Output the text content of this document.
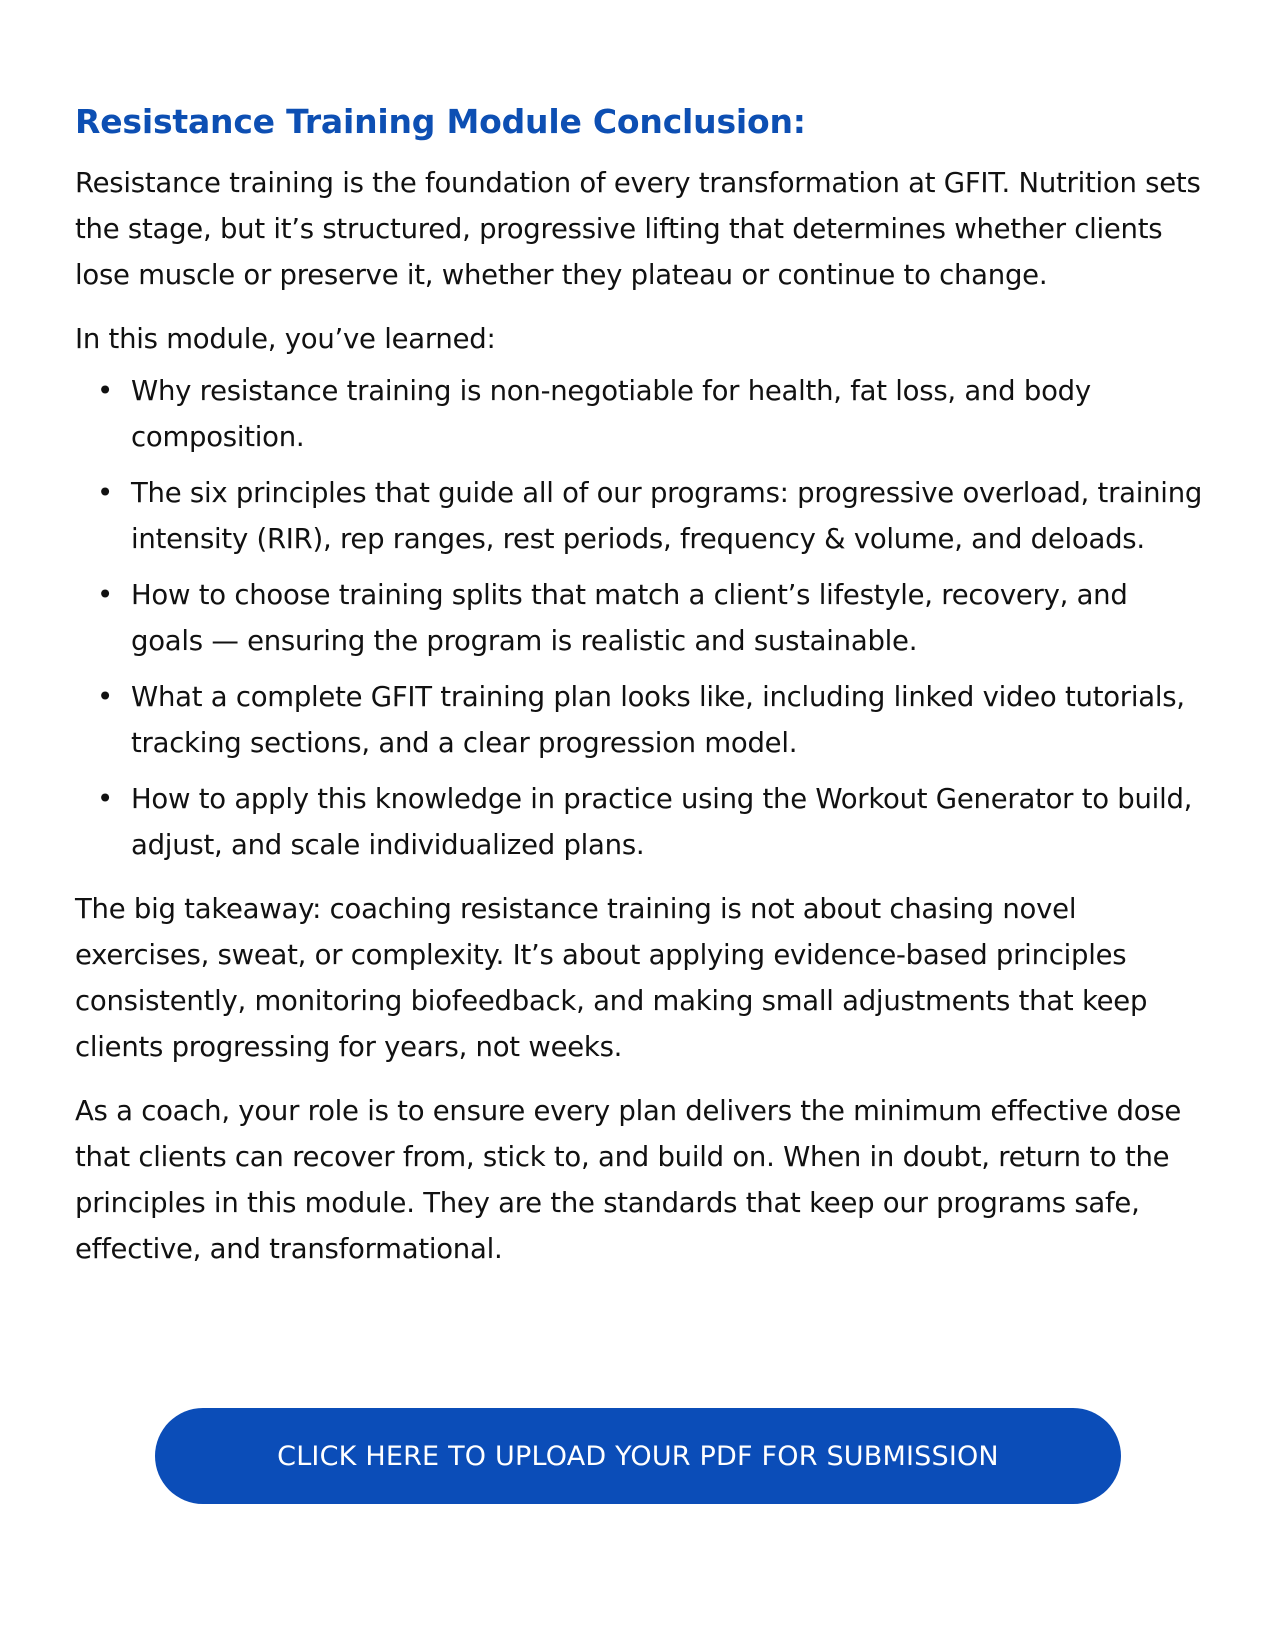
Resistance Training Module Conclusion:

Resistance training is the foundation of every transformation at GFIT. Nutrition sets the stage, but it’s structured, progressive lifting that determines whether clients lose muscle or preserve it, whether they plateau or continue to change.

In this module, you’ve learned:

• Why resistance training is non-negotiable for health, fat loss, and body composition.
• The six principles that guide all of our programs: progressive overload, training intensity (RIR), rep ranges, rest periods, frequency & volume, and deloads.
• How to choose training splits that match a client’s lifestyle, recovery, and goals — ensuring the program is realistic and sustainable.
• What a complete GFIT training plan looks like, including linked video tutorials, tracking sections, and a clear progression model.
• How to apply this knowledge in practice using the Workout Generator to build, adjust, and scale individualized plans.

The big takeaway: coaching resistance training is not about chasing novel exercises, sweat, or complexity. It’s about applying evidence-based principles consistently, monitoring biofeedback, and making small adjustments that keep clients progressing for years, not weeks.

As a coach, your role is to ensure every plan delivers the minimum effective dose that clients can recover from, stick to, and build on. When in doubt, return to the principles in this module. They are the standards that keep our programs safe, effective, and transformational.

CLICK HERE TO UPLOAD YOUR PDF FOR SUBMISSION
